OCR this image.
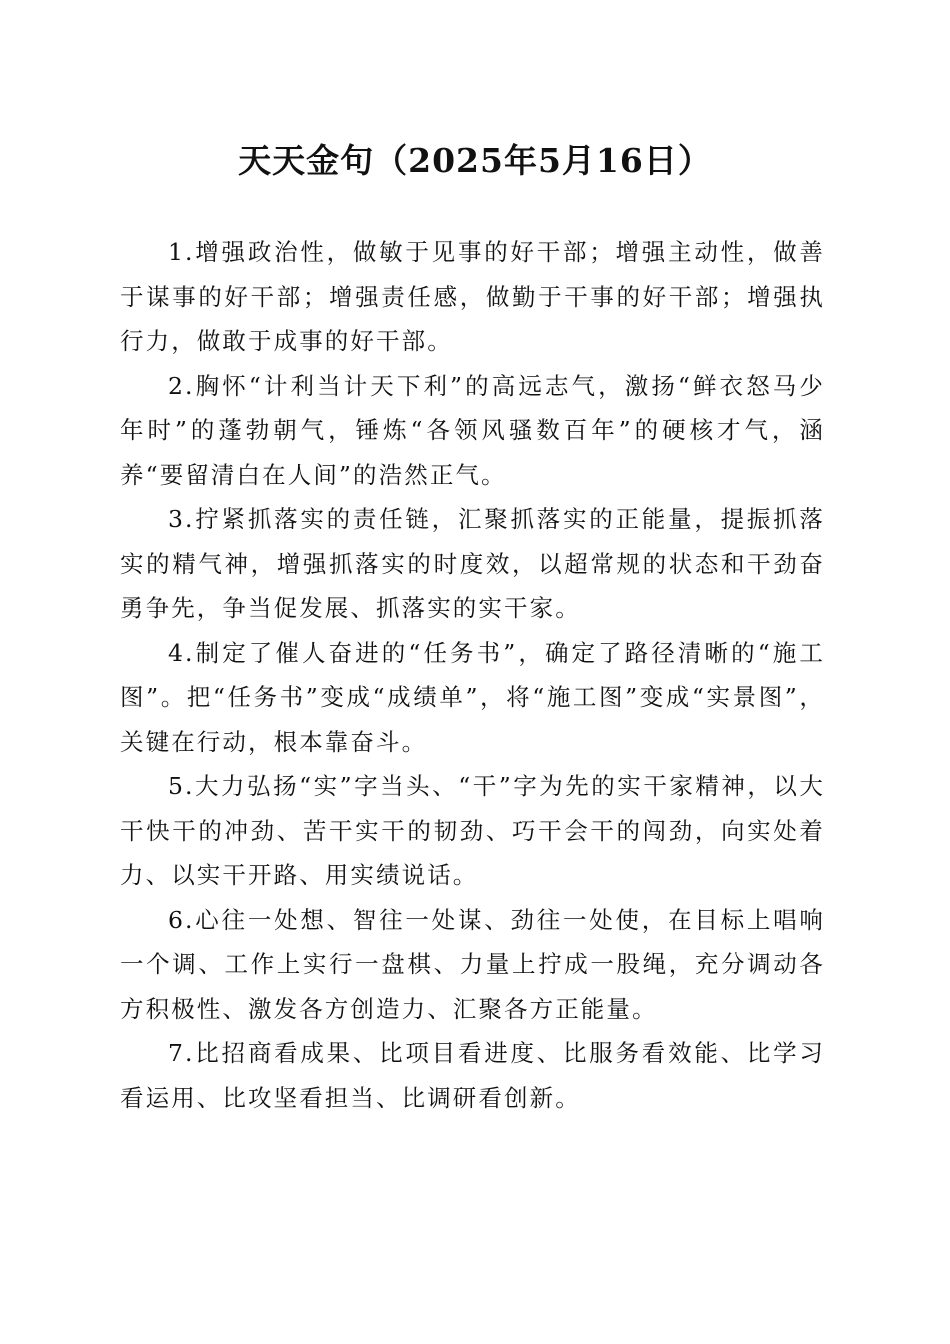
天天金句（2025年5月16日）

1.增强政治性，做敏于见事的好干部；增强主动性，做善于谋事的好干部；增强责任感，做勤于干事的好干部；增强执行力，做敢于成事的好干部。

2.胸怀“计利当计天下利”的高远志气，激扬“鲜衣怒马少年时”的蓬勃朝气，锤炼“各领风骚数百年”的硬核才气，涵养“要留清白在人间”的浩然正气。

3.拧紧抓落实的责任链，汇聚抓落实的正能量，提振抓落实的精气神，增强抓落实的时度效，以超常规的状态和干劲奋勇争先，争当促发展、抓落实的实干家。

4.制定了催人奋进的“任务书”，确定了路径清晰的“施工图”。把“任务书”变成“成绩单”，将“施工图”变成“实景图”，关键在行动，根本靠奋斗。

5.大力弘扬“实”字当头、“干”字为先的实干家精神，以大干快干的冲劲、苦干实干的韧劲、巧干会干的闯劲，向实处着力、以实干开路、用实绩说话。

6.心往一处想、智往一处谋、劲往一处使，在目标上唱响一个调、工作上实行一盘棋、力量上拧成一股绳，充分调动各方积极性、激发各方创造力、汇聚各方正能量。

7.比招商看成果、比项目看进度、比服务看效能、比学习看运用、比攻坚看担当、比调研看创新。
